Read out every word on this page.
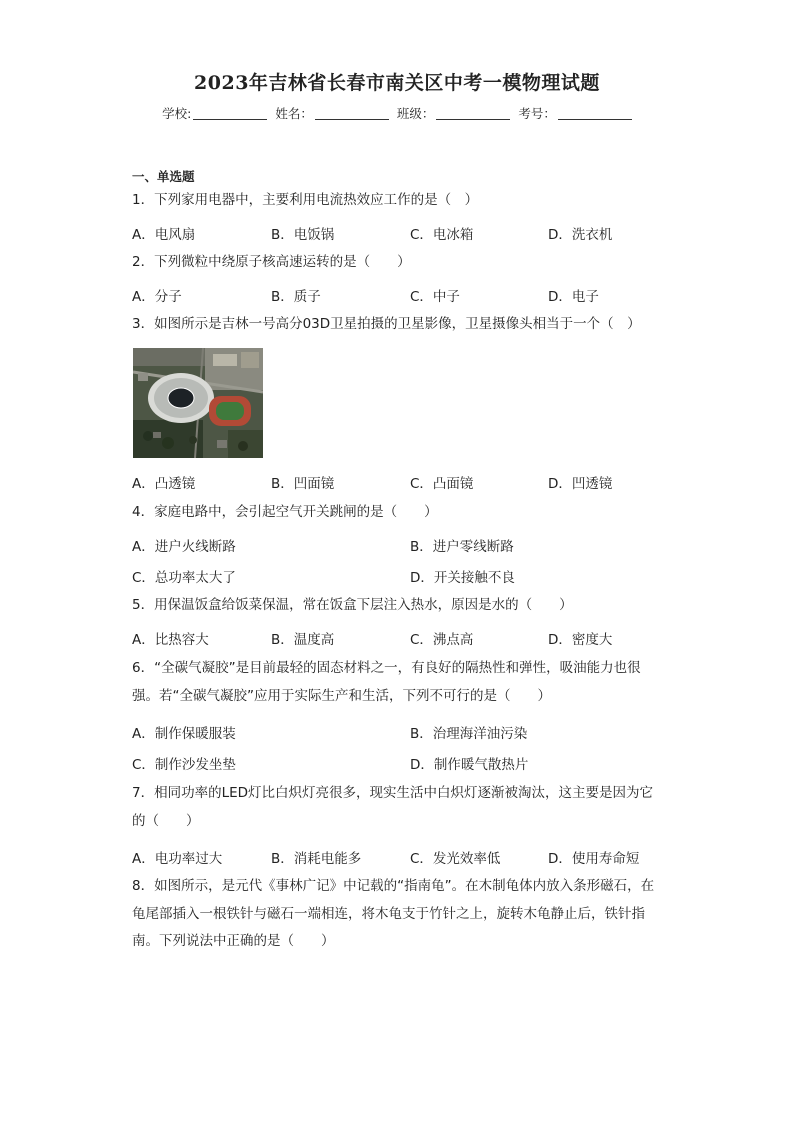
2023年吉林省长春市南关区中考一模物理试题
学校:	姓名：	班级：	考号：
一、单选题
1．下列家用电器中，主要利用电流热效应工作的是（　）
A．电风扇	B．电饭锅	C．电冰箱	D．洗衣机
2．下列微粒中绕原子核高速运转的是（　　）
A．分子	B．质子	C．中子	D．电子
3．如图所示是吉林一号高分03D卫星拍摄的卫星影像，卫星摄像头相当于一个（　）
A．凸透镜	B．凹面镜	C．凸面镜	D．凹透镜
4．家庭电路中，会引起空气开关跳闸的是（　　）
A．进户火线断路	B．进户零线断路
C．总功率太大了	D．开关接触不良
5．用保温饭盒给饭菜保温，常在饭盒下层注入热水，原因是水的（　　）
A．比热容大	B．温度高	C．沸点高	D．密度大
6．“全碳气凝胶”是目前最轻的固态材料之一，有良好的隔热性和弹性，吸油能力也很强。若“全碳气凝胶”应用于实际生产和生活，下列不可行的是（　　）
A．制作保暖服装	B．治理海洋油污染
C．制作沙发坐垫	D．制作暖气散热片
7．相同功率的LED灯比白炽灯亮很多，现实生活中白炽灯逐渐被淘汰，这主要是因为它的（　　）
A．电功率过大	B．消耗电能多	C．发光效率低	D．使用寿命短
8．如图所示，是元代《事林广记》中记载的“指南龟”。在木制龟体内放入条形磁石，在龟尾部插入一根铁针与磁石一端相连，将木龟支于竹针之上，旋转木龟静止后，铁针指南。下列说法中正确的是（　　）
